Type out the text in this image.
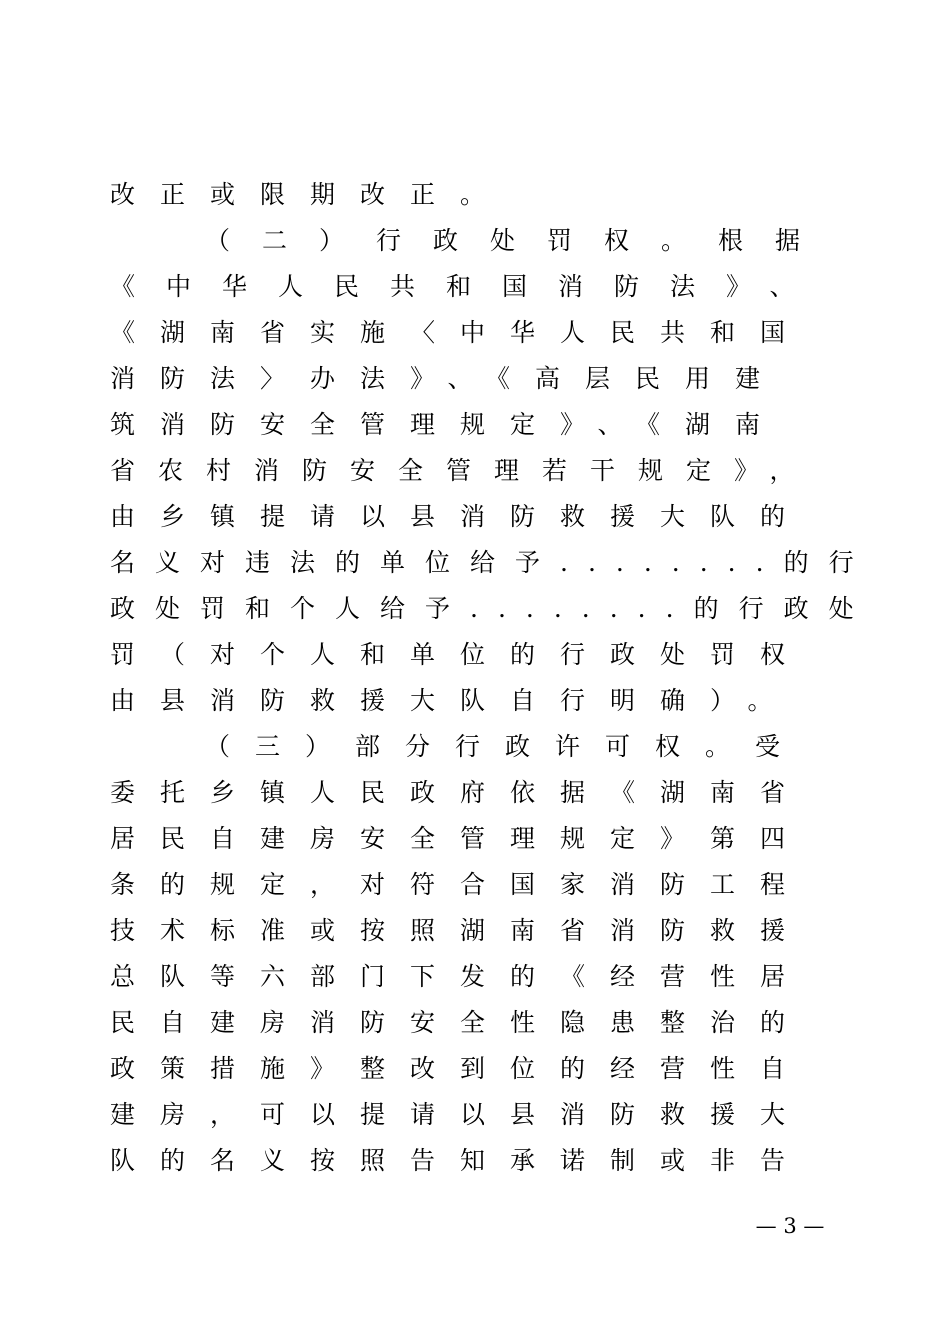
改正或限期改正。
（二）行政处罚权。根据
《中华人民共和国消防法》、
《湖南省实施〈中华人民共和国
消防法〉办法》、《高层民用建
筑消防安全管理规定》、《湖南
省农村消防安全管理若干规定》，
由乡镇提请以县消防救援大队的
名义对违法的单位给予........的行
政处罚和个人给予........的行政处
罚（对个人和单位的行政处罚权
由县消防救援大队自行明确）。
（三）部分行政许可权。受
委托乡镇人民政府依据《湖南省
居民自建房安全管理规定》第四
条的规定，对符合国家消防工程
技术标准或按照湖南省消防救援
总队等六部门下发的《经营性居
民自建房消防安全性隐患整治的
政策措施》整改到位的经营性自
建房，可以提请以县消防救援大
队的名义按照告知承诺制或非告
— 3 —
